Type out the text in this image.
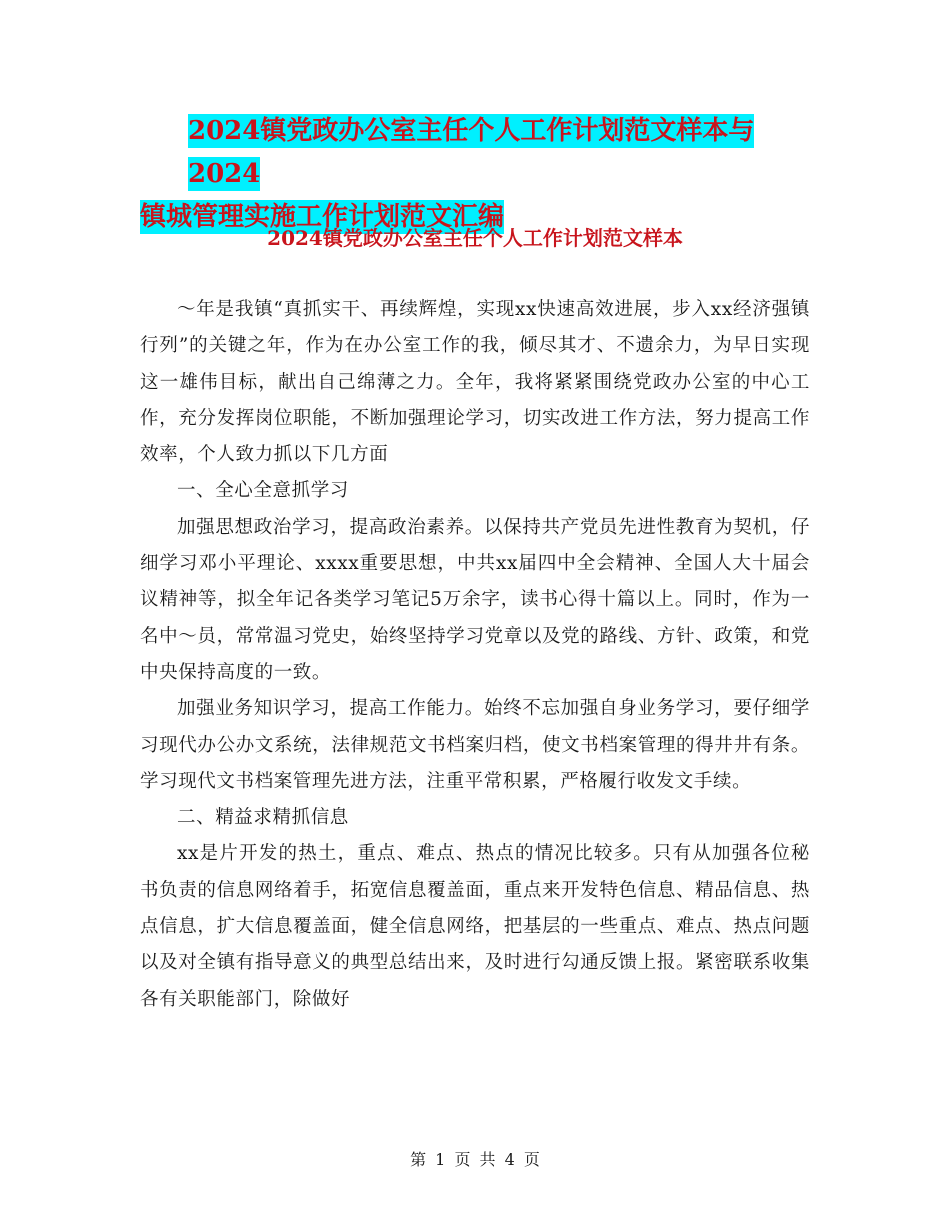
2024镇党政办公室主任个人工作计划范文样本与2024
镇城管理实施工作计划范文汇编
2024镇党政办公室主任个人工作计划范文样本

～年是我镇“真抓实干、再续辉煌，实现xx快速高效进展，步入xx经济强镇行列”的关键之年，作为在办公室工作的我，倾尽其才、不遗余力，为早日实现这一雄伟目标，献出自己绵薄之力。全年，我将紧紧围绕党政办公室的中心工作，充分发挥岗位职能，不断加强理论学习，切实改进工作方法，努力提高工作效率，个人致力抓以下几方面

一、全心全意抓学习

加强思想政治学习，提高政治素养。以保持共产党员先进性教育为契机，仔细学习邓小平理论、xxxx重要思想，中共xx届四中全会精神、全国人大十届会议精神等，拟全年记各类学习笔记5万余字，读书心得十篇以上。同时，作为一名中～员，常常温习党史，始终坚持学习党章以及党的路线、方针、政策，和党中央保持高度的一致。

加强业务知识学习，提高工作能力。始终不忘加强自身业务学习，要仔细学习现代办公办文系统，法律规范文书档案归档，使文书档案管理的得井井有条。学习现代文书档案管理先进方法，注重平常积累，严格履行收发文手续。

二、精益求精抓信息

xx是片开发的热土，重点、难点、热点的情况比较多。只有从加强各位秘书负责的信息网络着手，拓宽信息覆盖面，重点来开发特色信息、精品信息、热点信息，扩大信息覆盖面，健全信息网络，把基层的一些重点、难点、热点问题以及对全镇有指导意义的典型总结出来，及时进行勾通反馈上报。紧密联系收集各有关职能部门，除做好

第 1 页 共 4 页
